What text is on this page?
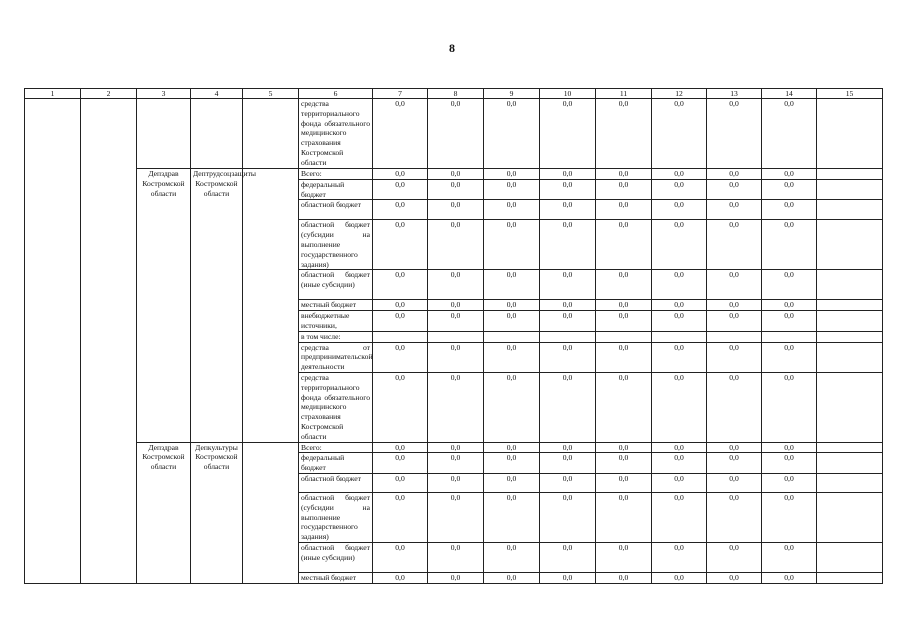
8
1	2	3	4	5	6	7	8	9	10	11	12	13	14	15
					средства территориального фонда обязательного медицинского страхования Костромской области	0,0	0,0	0,0	0,0	0,0	0,0	0,0	0,0	
		Депздрав Костромской области	Дептрудсоцзащиты Костромской области		Всего:	0,0	0,0	0,0	0,0	0,0	0,0	0,0	0,0	
					федеральный бюджет	0,0	0,0	0,0	0,0	0,0	0,0	0,0	0,0	
					областной бюджет	0,0	0,0	0,0	0,0	0,0	0,0	0,0	0,0	
					областной бюджет (субсидии на выполнение государственного задания)	0,0	0,0	0,0	0,0	0,0	0,0	0,0	0,0	
					областной бюджет (иные субсидии)	0,0	0,0	0,0	0,0	0,0	0,0	0,0	0,0	
					местный бюджет	0,0	0,0	0,0	0,0	0,0	0,0	0,0	0,0	
					внебюджетные источники,	0,0	0,0	0,0	0,0	0,0	0,0	0,0	0,0	
					в том числе:									
					средства от предпринимательской деятельности	0,0	0,0	0,0	0,0	0,0	0,0	0,0	0,0	
					средства территориального фонда обязательного медицинского страхования Костромской области	0,0	0,0	0,0	0,0	0,0	0,0	0,0	0,0	
		Депздрав Костромской области	Депкультуры Костромской области		Всего:	0,0	0,0	0,0	0,0	0,0	0,0	0,0	0,0	
					федеральный бюджет	0,0	0,0	0,0	0,0	0,0	0,0	0,0	0,0	
					областной бюджет	0,0	0,0	0,0	0,0	0,0	0,0	0,0	0,0	
					областной бюджет (субсидии на выполнение государственного задания)	0,0	0,0	0,0	0,0	0,0	0,0	0,0	0,0	
					областной бюджет (иные субсидии)	0,0	0,0	0,0	0,0	0,0	0,0	0,0	0,0	
					местный бюджет	0,0	0,0	0,0	0,0	0,0	0,0	0,0	0,0	
